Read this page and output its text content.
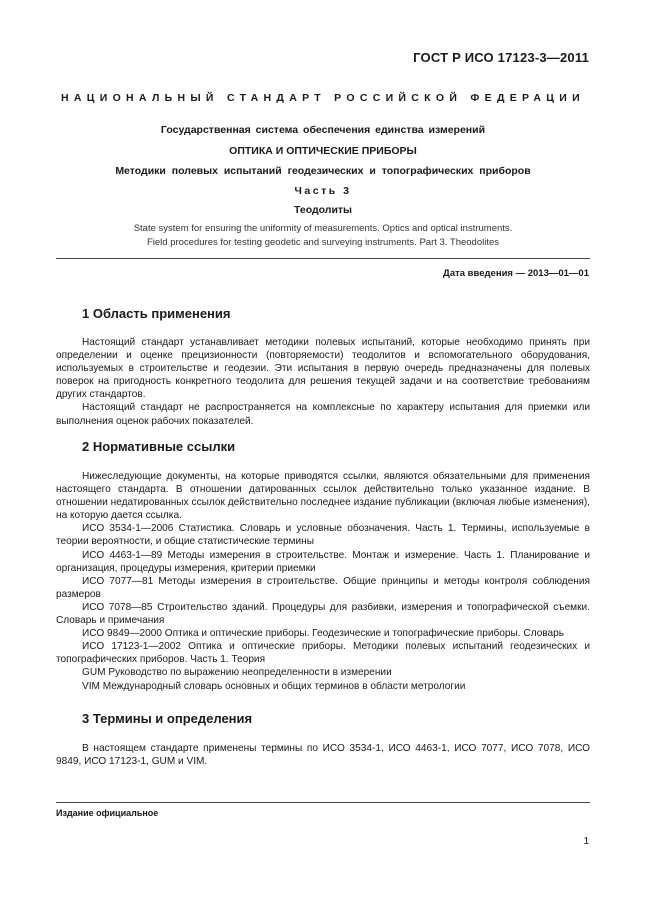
ГОСТ Р ИСО 17123-3—2011
НАЦИОНАЛЬНЫЙ СТАНДАРТ РОССИЙСКОЙ ФЕДЕРАЦИИ
Государственная система обеспечения единства измерений
ОПТИКА И ОПТИЧЕСКИЕ ПРИБОРЫ
Методики полевых испытаний геодезических и топографических приборов
Часть 3
Теодолиты
State system for ensuring the uniformity of measurements. Optics and optical instruments.
Field procedures for testing geodetic and surveying instruments. Part 3. Theodolites
Дата введения — 2013—01—01
1 Область применения

Настоящий стандарт устанавливает методики полевых испытаний, которые необходимо принять при определении и оценке прецизионности (повторяемости) теодолитов и вспомогательного оборудования, используемых в строительстве и геодезии. Эти испытания в первую очередь предназначены для полевых поверок на пригодность конкретного теодолита для решения текущей задачи и на соответствие требованиям других стандартов.

Настоящий стандарт не распространяется на комплексные по характеру испытания для приемки или выполнения оценок рабочих показателей.

2 Нормативные ссылки

Нижеследующие документы, на которые приводятся ссылки, являются обязательными для применения настоящего стандарта. В отношении датированных ссылок действительно только указанное издание. В отношении недатированных ссылок действительно последнее издание публикации (включая любые изменения), на которую дается ссылка.

ИСО 3534-1—2006 Статистика. Словарь и условные обозначения. Часть 1. Термины, используемые в теории вероятности, и общие статистические термины

ИСО 4463-1—89 Методы измерения в строительстве. Монтаж и измерение. Часть 1. Планирование и организация, процедуры измерения, критерии приемки

ИСО 7077—81 Методы измерения в строительстве. Общие принципы и методы контроля соблюдения размеров

ИСО 7078—85 Строительство зданий. Процедуры для разбивки, измерения и топографической съемки. Словарь и примечания

ИСО 9849—2000 Оптика и оптические приборы. Геодезические и топографические приборы. Словарь

ИСО 17123-1—2002 Оптика и оптические приборы. Методики полевых испытаний геодезических и топографических приборов. Часть 1. Теория

GUM Руководство по выражению неопределенности в измерении

VIM Международный словарь основных и общих терминов в области метрологии

3 Термины и определения

В настоящем стандарте применены термины по ИСО 3534-1, ИСО 4463-1, ИСО 7077, ИСО 7078, ИСО 9849, ИСО 17123-1, GUM и VIM.

Издание официальное
1
